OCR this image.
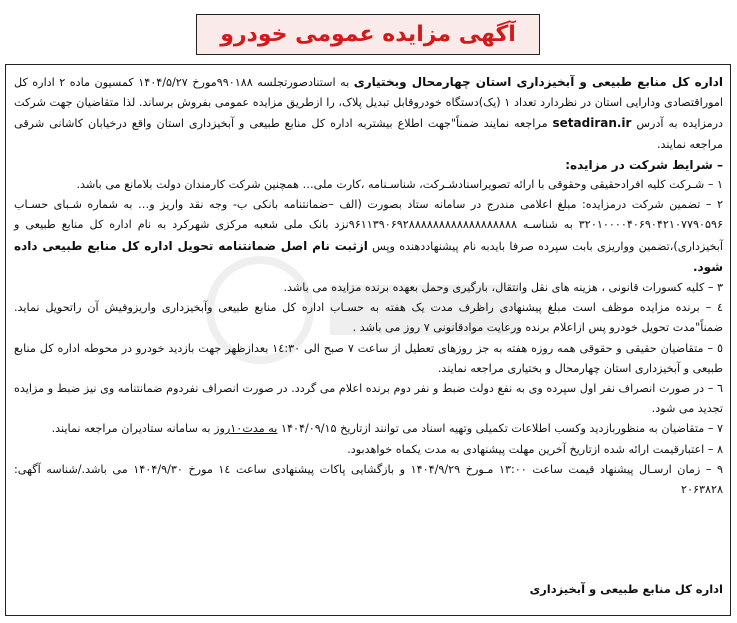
آگهی مزایده عمومی خودرو

اداره کل منابع طبیعی و آبخیزداری استان چهارمحال وبختیاری به استنادصورتجلسه ۹۹۰۱۸۸مورخ ۱۴۰۴/۵/۲۷ کمسیون ماده ۲ اداره کل اموراقتصادی ودارایی استان در نظردارد تعداد ۱ (یک)دستگاه خودروقابل تبدیل پلاک، را ازطریق مزایده عمومی بفروش برساند. لذا متقاضیان جهت شرکت درمزایده به آدرس setadiran.ir مراجعه نمایند ضمناً"جهت اطلاع بیشتربه اداره کل منابع طبیعی و آبخیزداری استان واقع درخیابان کاشانی شرقی مراجعه نمایند.

– شرایط شرکت در مزایده:

۱ – شـرکت کلیه افرادحقیقی وحقوقی با ارائه تصویراسنادشـرکت، شناسـنامه ،کارت ملی… همچنین شرکت کارمندان دولت بلامانع می باشد.

۲ – تضمین شرکت درمزایده: مبلغ اعلامی مندرج در سامانه ستاد بصورت (الف –ضمانتنامه بانکی ب- وجه نقد واریز و… به شماره شـبای حسـاب ۳۲۰۱۰۰۰۰۴۰۶۹۰۴۲۱۰۷۷۹۰۵۹۶ به شناسـه ۹۶۱۱۳۹۰۶۹۲۸۸۸۸۸۸۸۸۸۸۸۸۸۸۸۸۸۸نزد بانک ملی شعبه مرکزی شهرکرد به نام اداره کل منابع طبیعی و آبخیزداری)،تضمین وواریزی بابت سپرده صرفا بایدبه نام پیشنهاددهنده وپس ازثبت نام اصل ضمانتنامه تحویل اداره کل منابع طبیعی داده شود.

۳ – کلیه کسورات قانونی ، هزینه های نقل وانتقال، بارگیری وحمل بعهده برنده مزایده می باشد.

٤ – برنده مزایده موظف است مبلغ پیشنهادی راظرف مدت یک هفته به حسـاب اداره کل منابع طبیعی وآبخیزداری واریزوفیش آن راتحویل نماید. ضمناً"مدت تحویل خودرو پس ازاعلام برنده ورعایت موادقانونی ۷ روز می باشد .

٥ – متقاضیان حقیقی و حقوقی همه روزه هفته به جز روزهای تعطیل از ساعت ۷ صبح الی ۱٤:۳۰ بعدازظهر جهت بازدید خودرو در محوطه اداره کل منابع طبیعی و آبخیزداری استان چهارمحال و بختیاری مراجعه نمایند.

٦ – در صورت انصراف نفر اول سپرده وی به نفع دولت ضبط و نفر دوم برنده اعلام می گردد. در صورت انصراف نفردوم ضمانتنامه وی نیز ضبط و مزایده تجدید می شود.

۷ – متقاضیان به منظوربازدید وکسب اطلاعات تکمیلی وتهیه اسناد می توانند ازتاریخ ۱۴۰۴/۰۹/۱۵ به مدت۱۰روز به سامانه ستادیران مراجعه نمایند.

۸ – اعتبارقیمت ارائه شده ازتاریخ آخرین مهلت پیشنهادی به مدت یکماه خواهدبود.

۹ – زمان ارسـال پیشنهاد قیمت ساعت ۱۳:۰۰ مـورخ ۱۴۰۴/۹/۲۹ و بازگشایی پاکات پیشنهادی ساعت ۱٤ مورخ ۱۴۰۴/۹/۳۰ می باشد./شناسه آگهی: ۲۰۶۳۸۲۸

اداره کل منابع طبیعی و آبخیزداری
